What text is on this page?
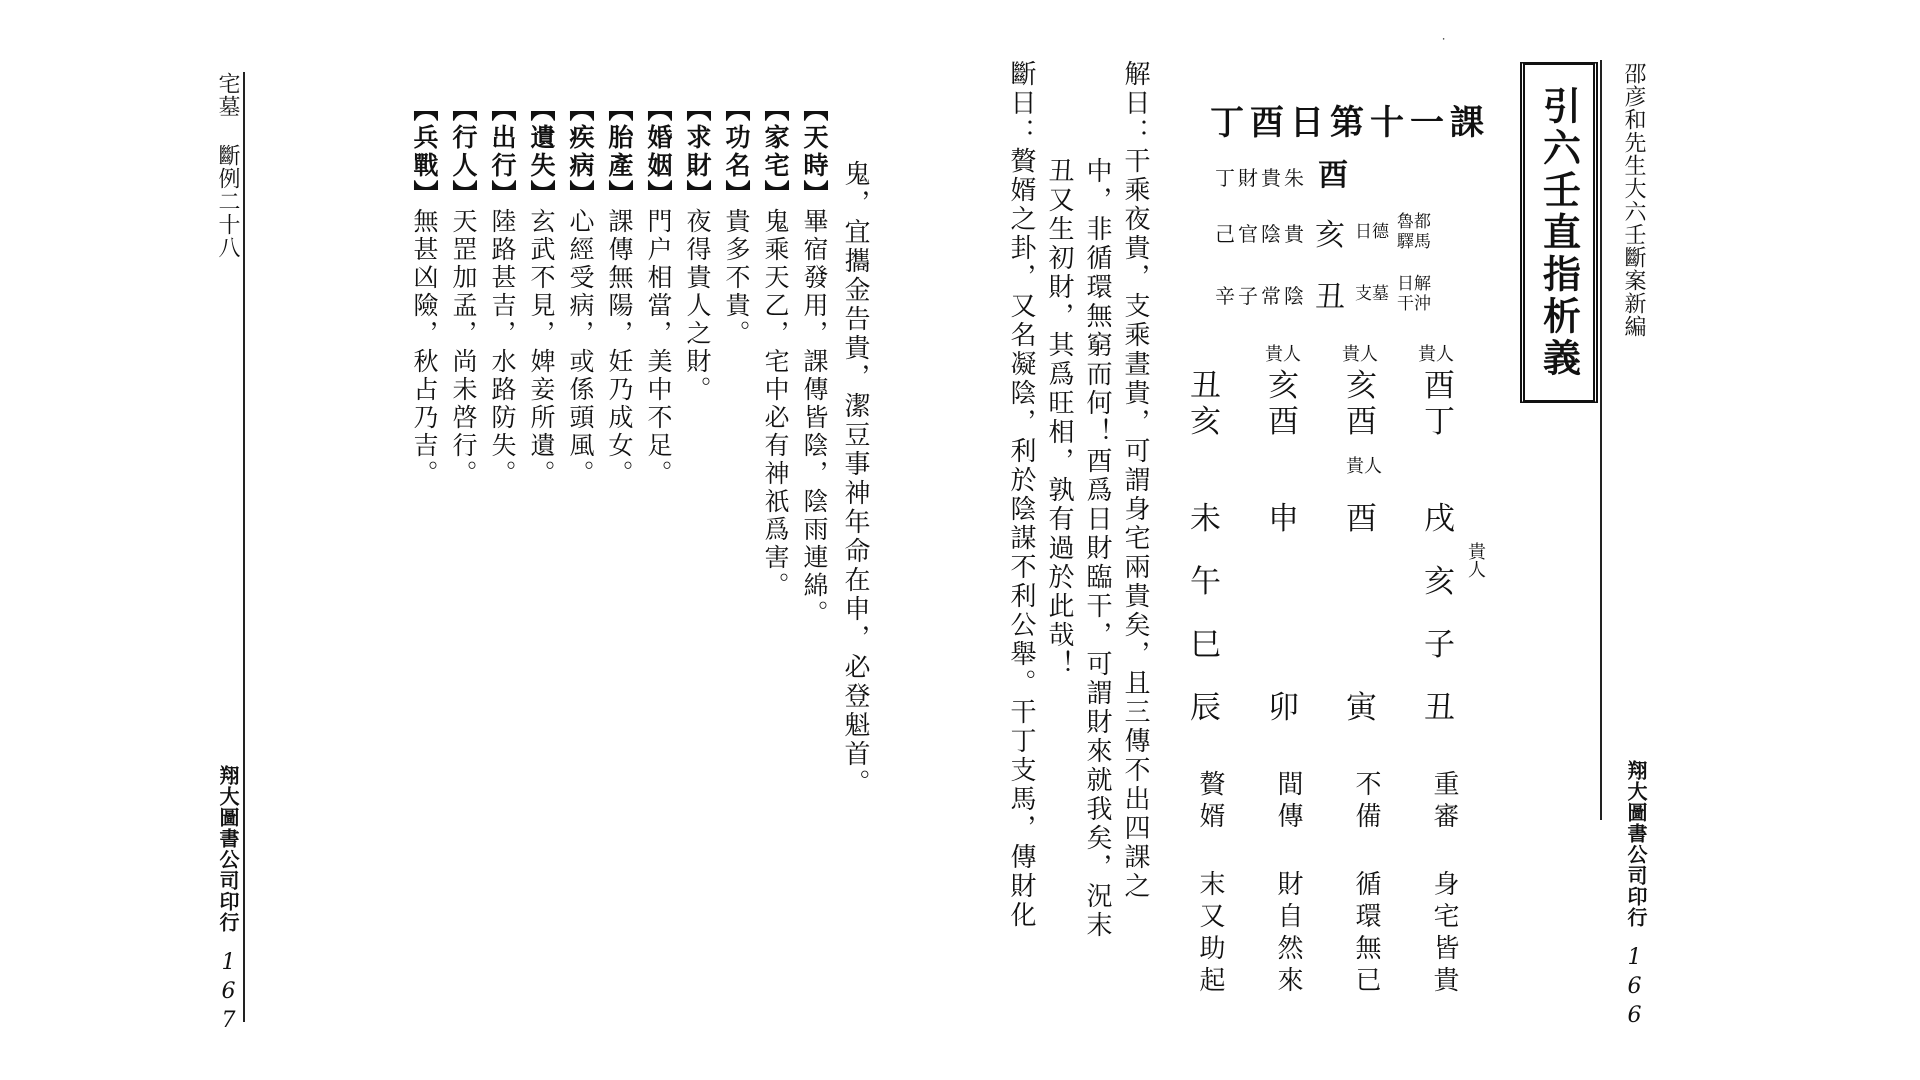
邵彦和先生大六壬斷案新編
翔大圖書公司印行
166
⸱
引六壬直指析義
丁酉日第十一課
丁財貴朱 酉
己官陰貴 亥 日德 魯都驛馬
辛子常陰 丑 支墓 日解干沖
貴人
酉
丁
貴人
亥
酉
貴人
亥
酉
丑
亥
戌
亥
貴人
子
丑
貴人
酉
寅
申
卯
未
午
巳
辰
重審 身宅皆貴
不備 循環無已
間傳 財自然來
贅婿 末又助起
解日：干乘夜貴，支乘晝貴，可謂身宅兩貴矣，且三傳不出四課之
中，非循環無窮而何！酉爲日財臨干，可謂財來就我矣，況末
丑又生初財，其爲旺相，孰有過於此哉！
斷日：贅婿之卦，又名凝陰，利於陰謀不利公舉。干丁支馬，傳財化
宅墓 斷例二十八
翔大圖書公司印行
167
鬼，宜攜金告貴，潔豆事神年命在申，必登魁首。
【天時】畢宿發用，課傳皆陰，陰雨連綿。
【家宅】鬼乘天乙，宅中必有神祇爲害。
【功名】貴多不貴。
【求財】夜得貴人之財。
【婚姻】門户相當，美中不足。
【胎產】課傳無陽，妊乃成女。
【疾病】心經受病，或係頭風。
【遺失】玄武不見，婢妾所遺。
【出行】陸路甚吉，水路防失。
【行人】天罡加孟，尚未啓行。
【兵戰】無甚凶險，秋占乃吉。
